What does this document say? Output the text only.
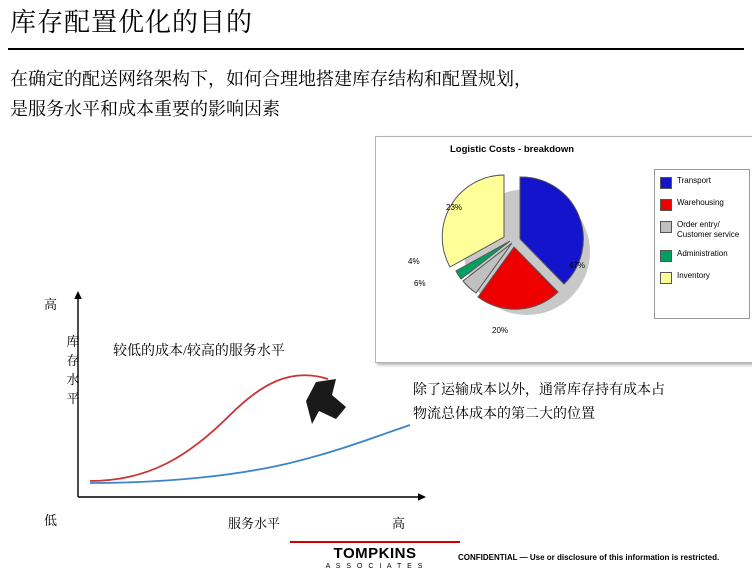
库存配置优化的目的
在确定的配送网络架构下，如何合理地搭建库存结构和配置规划，
是服务水平和成本重要的影响因素
Logistic Costs - breakdown
23%
4%
6%
20%
47%
Transport
Warehousing
Order entry/ Customer service
Administration
Inventory
除了运输成本以外，通常库存持有成本占
物流总体成本的第二大的位置
高
低
库存水平
服务水平	高
较低的成本/较高的服务水平
TOMPKINS
A S S O C I A T E S
CONFIDENTIAL — Use or disclosure of this information is restricted.
